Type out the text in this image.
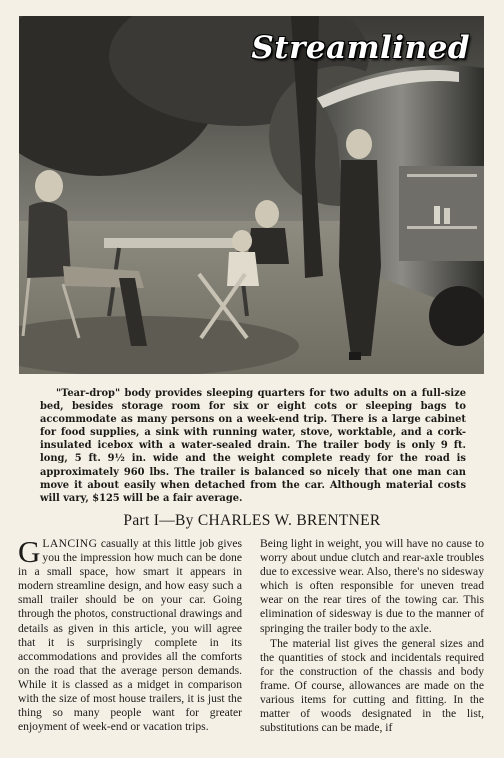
Streamlined

"Tear-drop" body provides sleeping quarters for two adults on a full-size bed, besides storage room for six or eight cots or sleeping bags to accommodate as many persons on a week-end trip. There is a large cabinet for food supplies, a sink with running water, stove, worktable, and a cork-insulated icebox with a water-sealed drain. The trailer body is only 9 ft. long, 5 ft. 9½ in. wide and the weight complete ready for the road is approximately 960 lbs. The trailer is balanced so nicely that one man can move it about easily when detached from the car. Although material costs will vary, $125 will be a fair average.

Part I—By CHARLES W. BRENTNER

GLANCING casually at this little job gives you the impression how much can be done in a small space, how smart it appears in modern streamline design, and how easy such a small trailer should be on your car. Going through the photos, constructional drawings and details as given in this article, you will agree that it is surprisingly complete in its accommodations and provides all the comforts on the road that the average person demands. While it is classed as a midget in comparison with the size of most house trailers, it is just the thing so many people want for greater enjoyment of week-end or vacation trips.

Being light in weight, you will have no cause to worry about undue clutch and rear-axle troubles due to excessive wear. Also, there's no sidesway which is often responsible for uneven tread wear on the rear tires of the towing car. This elimination of sidesway is due to the manner of springing the trailer body to the axle.

The material list gives the general sizes and the quantities of stock and incidentals required for the construction of the chassis and body frame. Of course, allowances are made on the various items for cutting and fitting. In the matter of woods designated in the list, substitutions can be made, if
